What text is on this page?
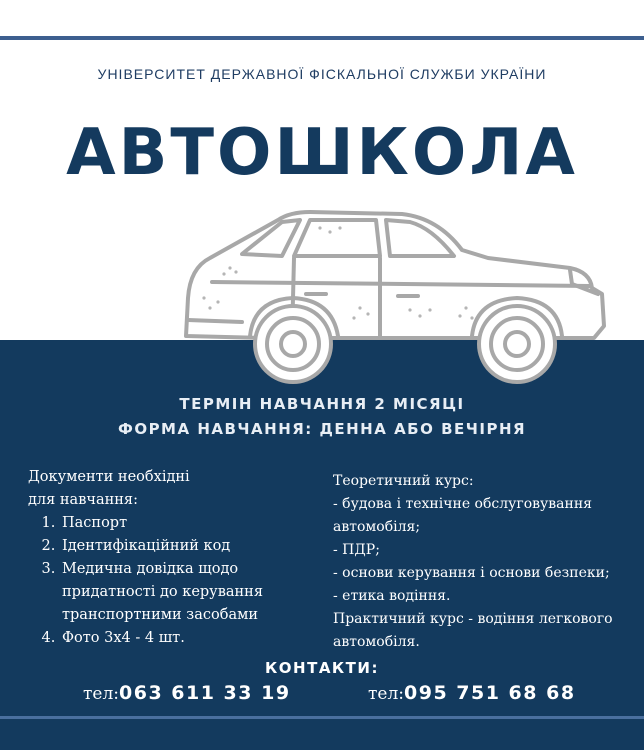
УНІВЕРСИТЕТ ДЕРЖАВНОЇ ФІСКАЛЬНОЇ СЛУЖБИ УКРАЇНИ
АВТОШКОЛА
ТЕРМІН НАВЧАННЯ 2 МІСЯЦІ
ФОРМА НАВЧАННЯ: ДЕННА АБО ВЕЧІРНЯ
Документи необхідні
для навчання:
1. Паспорт
2. Ідентифікаційний код
3. Медична довідка щодо придатності до керування транспортними засобами
4. Фото 3х4 - 4 шт.
Теоретичний курс:
- будова і технічне обслуговування автомобіля;
- ПДР;
- основи керування і основи безпеки;
- етика водіння.
Практичний курс - водіння легкового автомобіля.
КОНТАКТИ:
тел:063 611 33 19	тел:095 751 68 68
